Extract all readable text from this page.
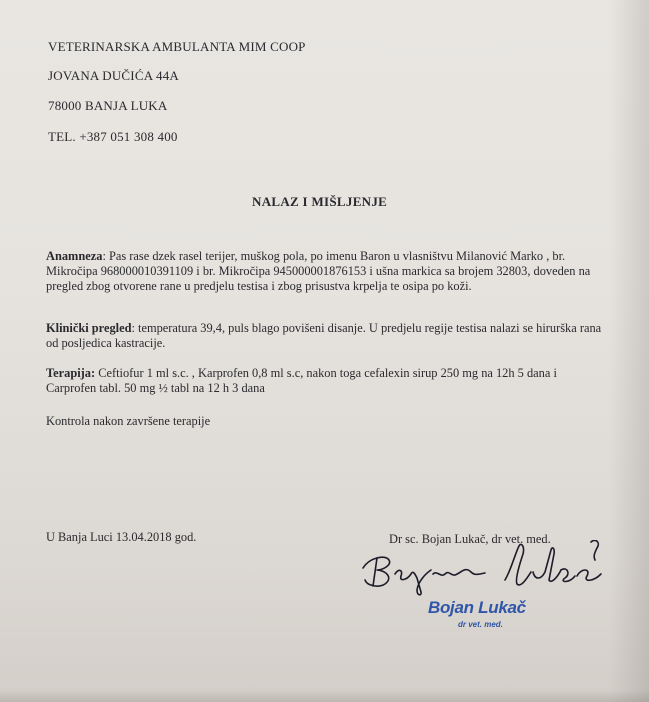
VETERINARSKA AMBULANTA MIM COOP
JOVANA DUČIĆA 44A
78000 BANJA LUKA
TEL. +387 051 308 400
NALAZ I MIŠLJENJE
Anamneza: Pas rase dzek rasel terijer, muškog pola, po imenu Baron u vlasništvu Milanović Marko , br. Mikročipa 968000010391109 i br. Mikročipa 945000001876153 i ušna markica sa brojem 32803, doveden na pregled zbog otvorene rane u predjelu testisa i zbog prisustva krpelja te osipa po koži.
Klinički pregled: temperatura 39,4, puls blago povišeni disanje. U predjelu regije testisa nalazi se hirurška rana od posljedica kastracije.
Terapija: Ceftiofur 1 ml s.c. , Karprofen 0,8 ml s.c, nakon toga cefalexin sirup 250 mg na 12h 5 dana i Carprofen tabl. 50 mg ½ tabl na 12 h 3 dana
Kontrola nakon završene terapije
U Banja Luci 13.04.2018 god.	Dr sc. Bojan Lukač, dr vet. med.
Bojan Lukač
dr vet. med.
